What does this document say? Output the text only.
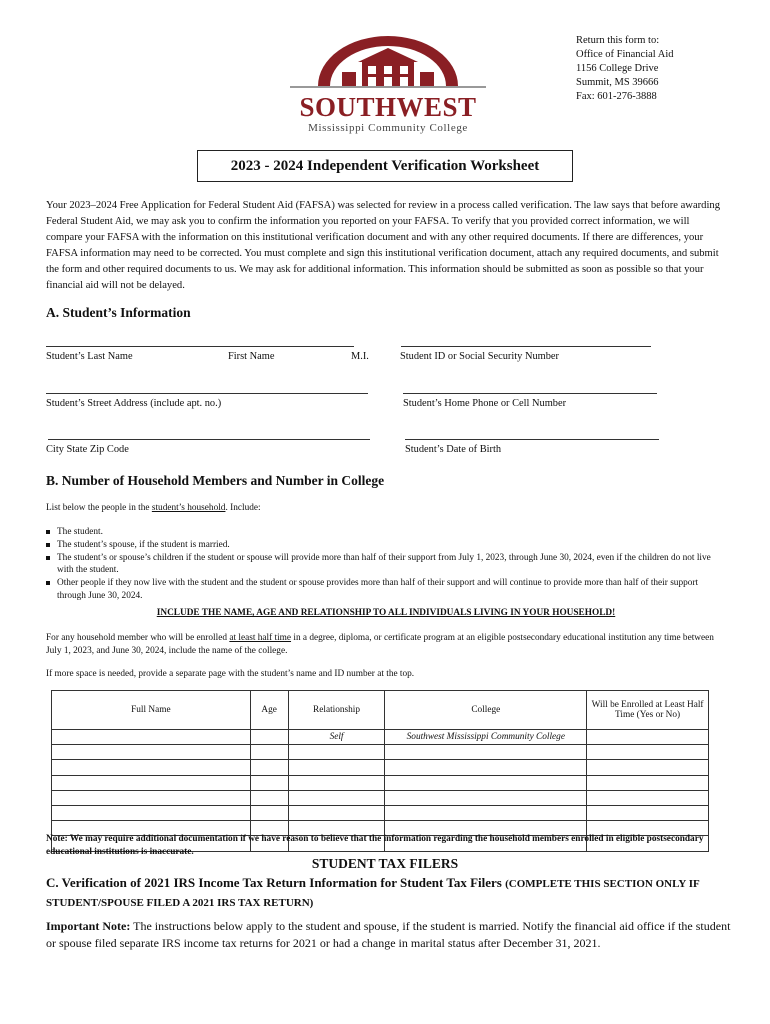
Return this form to:
Office of Financial Aid
1156 College Drive
Summit, MS 39666
Fax: 601-276-3888
SOUTHWEST
Mississippi Community College
2023 - 2024 Independent Verification Worksheet
Your 2023–2024 Free Application for Federal Student Aid (FAFSA) was selected for review in a process called verification. The law says that before awarding Federal Student Aid, we may ask you to confirm the information you reported on your FAFSA. To verify that you provided correct information, we will compare your FAFSA with the information on this institutional verification document and with any other required documents. If there are differences, your FAFSA information may need to be corrected. You must complete and sign this institutional verification document, attach any required documents, and submit the form and other required documents to us. We may ask for additional information. This information should be submitted as soon as possible so that your financial aid will not be delayed.
A. Student’s Information
Student’s Last Name	First Name	M.I.	Student ID or Social Security Number
Student’s Street Address (include apt. no.)	Student’s Home Phone or Cell Number
City State Zip Code	Student’s Date of Birth
B. Number of Household Members and Number in College
List below the people in the student’s household. Include:
The student.
The student’s spouse, if the student is married.
The student’s or spouse’s children if the student or spouse will provide more than half of their support from July 1, 2023, through June 30, 2024, even if the children do not live with the student.
Other people if they now live with the student and the student or spouse provides more than half of their support and will continue to provide more than half of their support through June 30, 2024.
INCLUDE THE NAME, AGE AND RELATIONSHIP TO ALL INDIVIDUALS LIVING IN YOUR HOUSEHOLD!
For any household member who will be enrolled at least half time in a degree, diploma, or certificate program at an eligible postsecondary educational institution any time between July 1, 2023, and June 30, 2024, include the name of the college.
If more space is needed, provide a separate page with the student’s name and ID number at the top.
Full Name	Age	Relationship	College	Will be Enrolled at Least Half Time (Yes or No)
		Self	Southwest Mississippi Community College	

Note: We may require additional documentation if we have reason to believe that the information regarding the household members enrolled in eligible postsecondary educational institutions is inaccurate.
STUDENT TAX FILERS
C. Verification of 2021 IRS Income Tax Return Information for Student Tax Filers (COMPLETE THIS SECTION ONLY IF STUDENT/SPOUSE FILED A 2021 IRS TAX RETURN)
Important Note: The instructions below apply to the student and spouse, if the student is married. Notify the financial aid office if the student or spouse filed separate IRS income tax returns for 2021 or had a change in marital status after December 31, 2021.
